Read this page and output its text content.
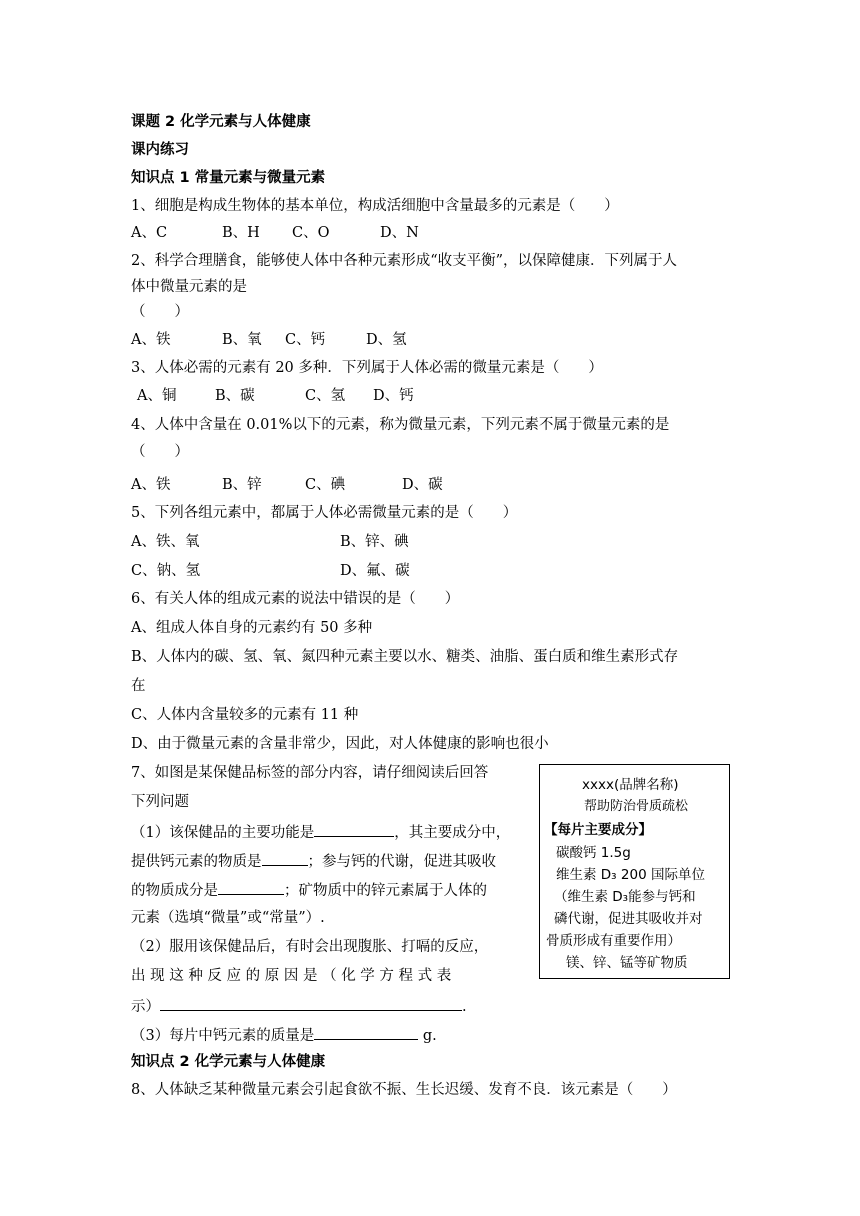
课题 2 化学元素与人体健康
课内练习
知识点 1 常量元素与微量元素
1、细胞是构成生物体的基本单位，构成活细胞中含量最多的元素是（　　）
A、C	B、H C、O	D、N
2、科学合理膳食，能够使人体中各种元素形成“收支平衡”，以保障健康．下列属于人
体中微量元素的是
（　　）
A、铁	B、氧 C、钙	D、氢
3、人体必需的元素有 20 多种．下列属于人体必需的微量元素是（　　）
A、铜	B、碳	C、氢 D、钙
4、人体中含量在 0.01%以下的元素，称为微量元素，下列元素不属于微量元素的是
（　　）
A、铁	B、锌	C、碘	D、碳
5、下列各组元素中，都属于人体必需微量元素的是（　　）
A、铁、氧	B、锌、碘
C、钠、氢	D、氟、碳
6、有关人体的组成元素的说法中错误的是（　　）
A、组成人体自身的元素约有 50 多种
B、人体内的碳、氢、氧、氮四种元素主要以水、糖类、油脂、蛋白质和维生素形式存
在
C、人体内含量较多的元素有 11 种
D、由于微量元素的含量非常少，因此，对人体健康的影响也很小
7、如图是某保健品标签的部分内容，请仔细阅读后回答
下列问题
（1）该保健品的主要功能是	，其主要成分中，
提供钙元素的物质是	；参与钙的代谢，促进其吸收
的物质成分是	；矿物质中的锌元素属于人体的
元素（选填“微量”或“常量”）.
（2）服用该保健品后，有时会出现腹胀、打嗝的反应，
出 现 这 种 反 应 的 原 因 是 （ 化 学 方 程 式 表
示）	.
（3）每片中钙元素的质量是	g.
xxxx(品牌名称)
帮助防治骨质疏松
【每片主要成分】
碳酸钙 1.5g
维生素 D₃ 200 国际单位
（维生素 D₃能参与钙和
磷代谢，促进其吸收并对
骨质形成有重要作用）
镁、锌、锰等矿物质
知识点 2 化学元素与人体健康
8、人体缺乏某种微量元素会引起食欲不振、生长迟缓、发育不良．该元素是（　　）
